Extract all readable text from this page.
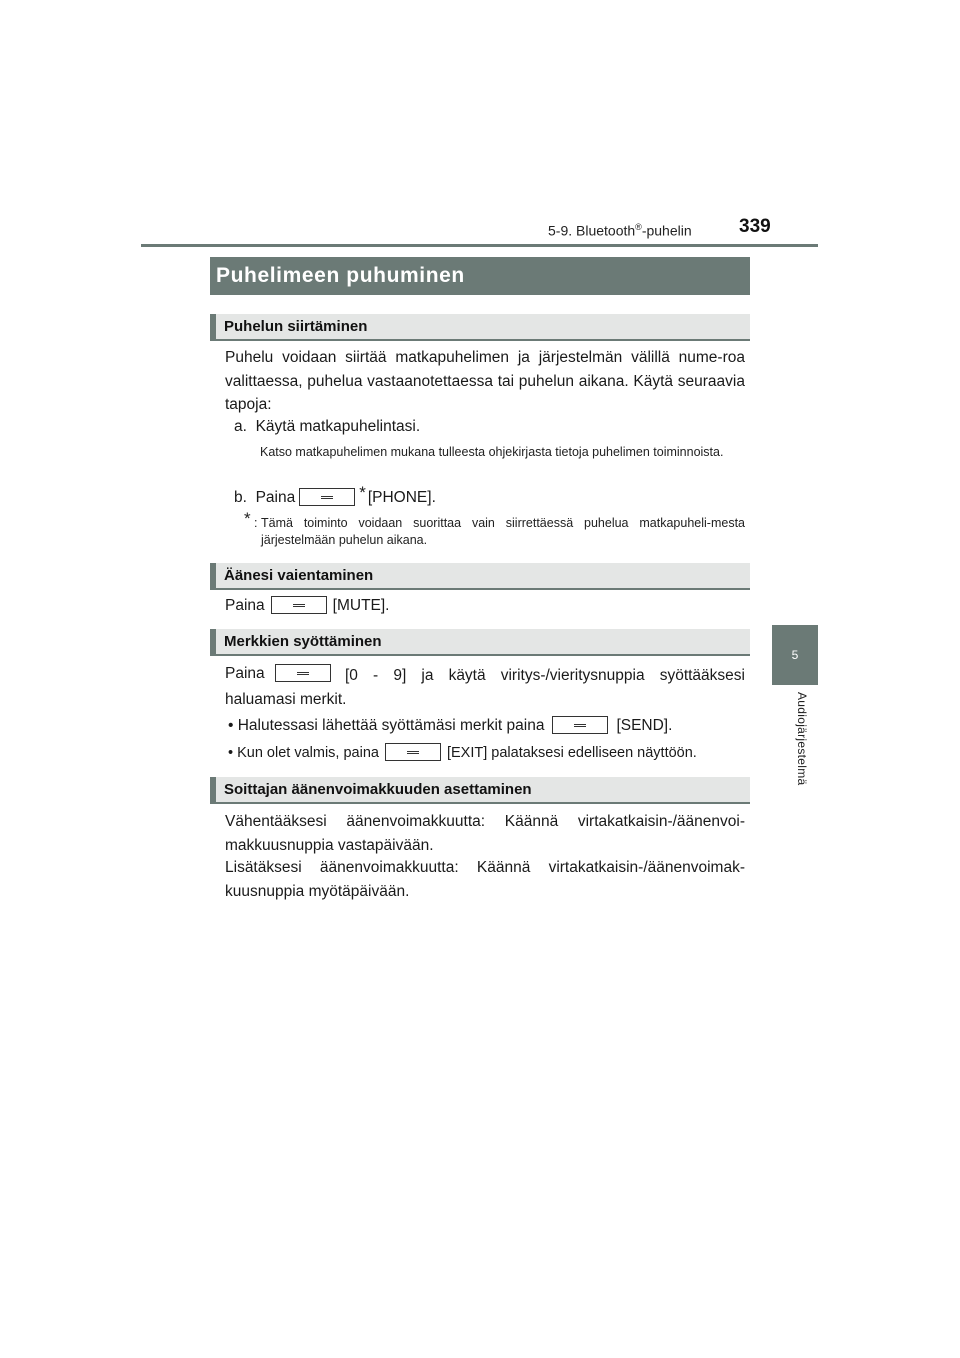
5-9. Bluetooth®-puhelin 339
5
Audiojärjestelmä
Puhelimeen puhuminen
Puhelun siirtäminen
Puhelu voidaan siirtää matkapuhelimen ja järjestelmän välillä nume-roa valittaessa, puhelua vastaanotettaessa tai puhelun aikana. Käytä seuraavia tapoja:
a. Käytä matkapuhelintasi.
Katso matkapuhelimen mukana tulleesta ohjekirjasta tietoja puhelimen toiminnoista.
b. Paina	* [PHONE].
* : Tämä toiminto voidaan suorittaa vain siirrettäessä puhelua matkapuheli-mesta järjestelmään puhelun aikana.
Äänesi vaientaminen
Paina	[MUTE].
Merkkien syöttäminen
Paina	[0 - 9] ja käytä viritys-/vieritysnuppia syöttääksesi haluamasi merkit.
• Halutessasi lähettää syöttämäsi merkit paina	[SEND].
• Kun olet valmis, paina	[EXIT] palataksesi edelliseen näyttöön.
Soittajan äänenvoimakkuuden asettaminen
Vähentääksesi äänenvoimakkuutta: Käännä virtakatkaisin-/äänenvoi-makkuusnuppia vastapäivään.
Lisätäksesi äänenvoimakkuutta: Käännä virtakatkaisin-/äänenvoimak-kuusnuppia myötäpäivään.
